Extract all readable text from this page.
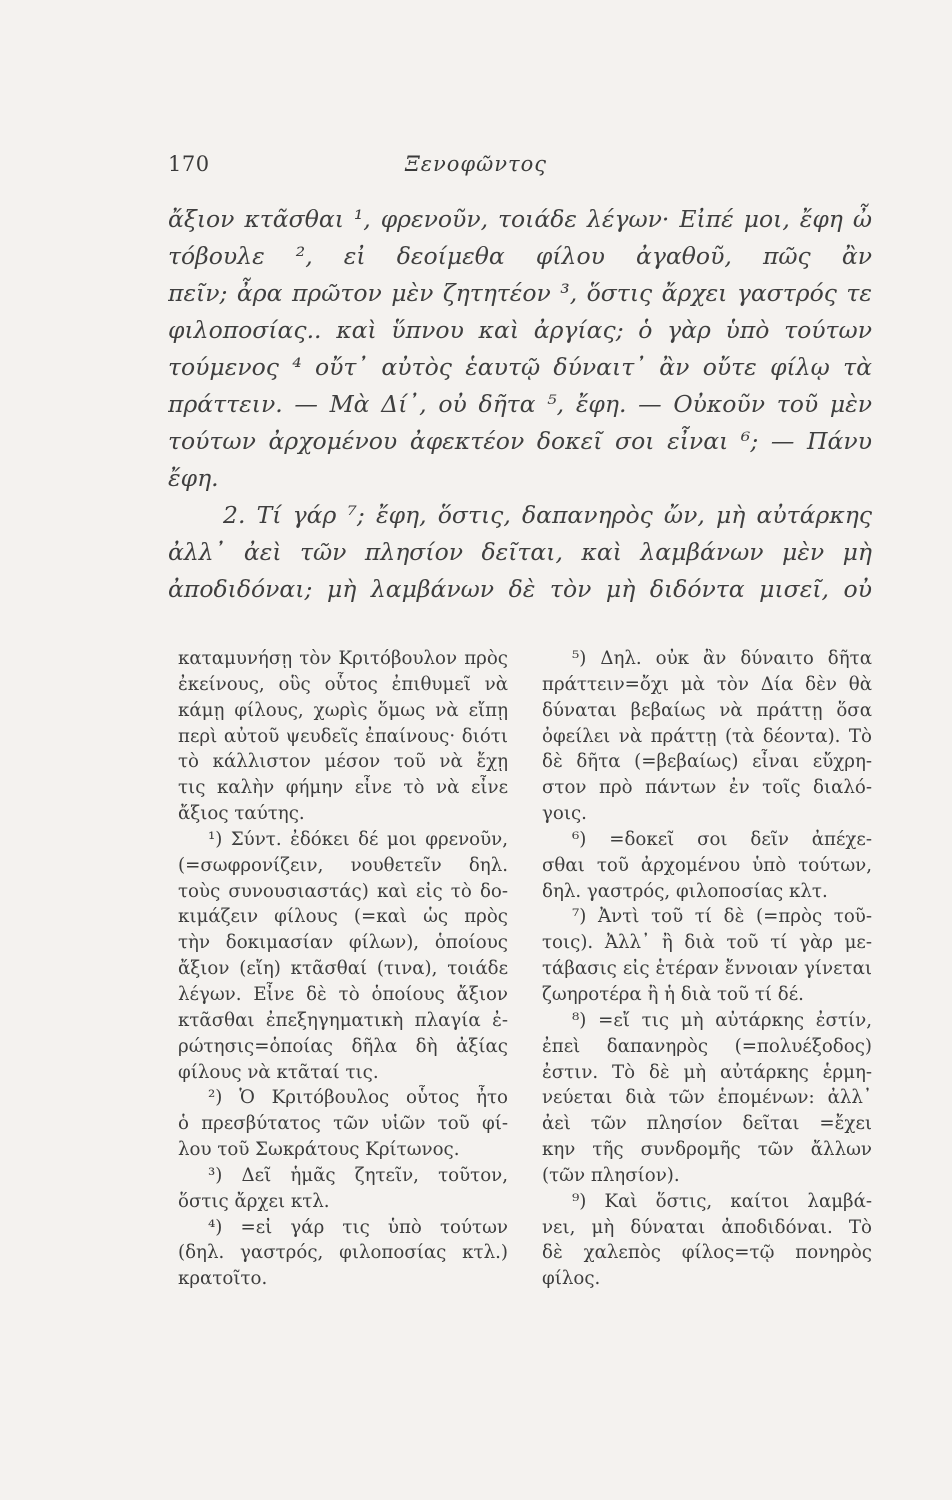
170	Ξενοφῶντος
ἄξιον κτᾶσθαι ¹, φρενοῦν, τοιάδε λέγων· Εἰπέ μοι, ἔφη ὦ
τόβουλε ², εἰ δεοίμεθα φίλου ἀγαθοῦ, πῶς ἂν
πεῖν; ἆρα πρῶτον μὲν ζητητέον ³, ὅστις ἄρχει γαστρός τε
φιλοποσίας.. καὶ ὕπνου καὶ ἀργίας; ὁ γὰρ ὑπὸ τούτων
τούμενος ⁴ οὔτ᾽ αὐτὸς ἑαυτῷ δύναιτ᾽ ἂν οὔτε φίλῳ τὰ
πράττειν. — Μὰ Δί᾽, οὐ δῆτα ⁵, ἔφη. — Οὐκοῦν τοῦ μὲν
τούτων ἀρχομένου ἀφεκτέον δοκεῖ σοι εἶναι ⁶; — Πάνυ
ἔφη.
2. Τί γάρ ⁷; ἔφη, ὅστις, δαπανηρὸς ὤν, μὴ αὐτάρκης
ἀλλ᾽ ἀεὶ τῶν πλησίον δεῖται, καὶ λαμβάνων μὲν μὴ
ἀποδιδόναι; μὴ λαμβάνων δὲ τὸν μὴ διδόντα μισεῖ, οὐ
καταμυνήσῃ τὸν Κριτόβουλον πρὸς
ἐκείνους, οὓς οὗτος ἐπιθυμεῖ νὰ
κάμῃ φίλους, χωρὶς ὅμως νὰ εἴπῃ
περὶ αὐτοῦ ψευδεῖς ἐπαίνους· διότι
τὸ κάλλιστον μέσον τοῦ νὰ ἔχῃ
τις καλὴν φήμην εἶνε τὸ νὰ εἶνε
ἄξιος ταύτης.
¹) Σύντ. ἐδόκει δέ μοι φρενοῦν,
(=σωφρονίζειν, νουθετεῖν δηλ.
τοὺς συνουσιαστάς) καὶ εἰς τὸ δο-
κιμάζειν φίλους (=καὶ ὡς πρὸς
τὴν δοκιμασίαν φίλων), ὁποίους
ἄξιον (εἴη) κτᾶσθαί (τινα), τοιάδε
λέγων. Εἶνε δὲ τὸ ὁποίους ἄξιον
κτᾶσθαι ἐπεξηγηματικὴ πλαγία ἐ-
ρώτησις=ὁποίας δῆλα δὴ ἀξίας
φίλους νὰ κτᾶταί τις.
²) Ὁ Κριτόβουλος οὗτος ἦτο
ὁ πρεσβύτατος τῶν υἱῶν τοῦ φί-
λου τοῦ Σωκράτους Κρίτωνος.
³) Δεῖ ἡμᾶς ζητεῖν, τοῦτον,
ὅστις ἄρχει κτλ.
⁴) =εἰ γάρ τις ὑπὸ τούτων
(δηλ. γαστρός, φιλοποσίας κτλ.)
κρατοῖτο.
⁵) Δηλ. οὐκ ἂν δύναιτο δῆτα
πράττειν=ὄχι μὰ τὸν Δία δὲν θὰ
δύναται βεβαίως νὰ πράττῃ ὅσα
ὀφείλει νὰ πράττῃ (τὰ δέοντα). Τὸ
δὲ δῆτα (=βεβαίως) εἶναι εὔχρη-
στον πρὸ πάντων ἐν τοῖς διαλό-
γοις.
⁶) =δοκεῖ σοι δεῖν ἀπέχε-
σθαι τοῦ ἀρχομένου ὑπὸ τούτων,
δηλ. γαστρός, φιλοποσίας κλτ.
⁷) Ἀντὶ τοῦ τί δὲ (=πρὸς τοῦ-
τοις). Ἀλλ᾽ ἢ διὰ τοῦ τί γὰρ με-
τάβασις εἰς ἑτέραν ἔννοιαν γίνεται
ζωηροτέρα ἢ ἡ διὰ τοῦ τί δέ.
⁸) =εἴ τις μὴ αὐτάρκης ἐστίν,
ἐπεὶ δαπανηρὸς (=πολυέξοδος)
ἐστιν. Τὸ δὲ μὴ αὐτάρκης ἑρμη-
νεύεται διὰ τῶν ἑπομένων: ἀλλ᾽
ἀεὶ τῶν πλησίον δεῖται =ἔχει
κην τῆς συνδρομῆς τῶν ἄλλων
(τῶν πλησίον).
⁹) Καὶ ὅστις, καίτοι λαμβά-
νει, μὴ δύναται ἀποδιδόναι. Τὸ
δὲ χαλεπὸς φίλος=τῷ πονηρὸς
φίλος.
